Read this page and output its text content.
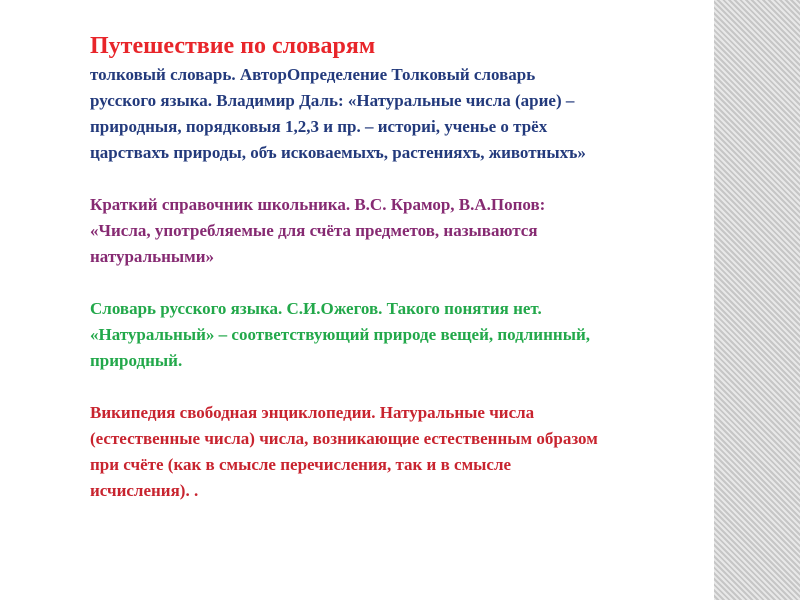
Путешествие по словарям

толковый словарь. АвторОпределение Толковый словарь
русского языка. Владимир Даль: «Натуральные числа (арие) –
природныя, порядковыя 1,2,3 и пр. – историі, ученье о трёх
царствахъ природы, объ исковаемыхъ, растенияхъ, животныхъ»

Краткий справочник школьника. В.С. Крамор, В.А.Попов:
«Числа, употребляемые для счёта предметов, называются
натуральными»

Словарь русского языка. С.И.Ожегов. Такого понятия нет.
«Натуральный» – соответствующий природе вещей, подлинный,
природный.

Википедия свободная энциклопедии. Натуральные числа
(естественные числа) числа, возникающие естественным образом
при счёте (как в смысле перечисления, так и в смысле
исчисления). .
